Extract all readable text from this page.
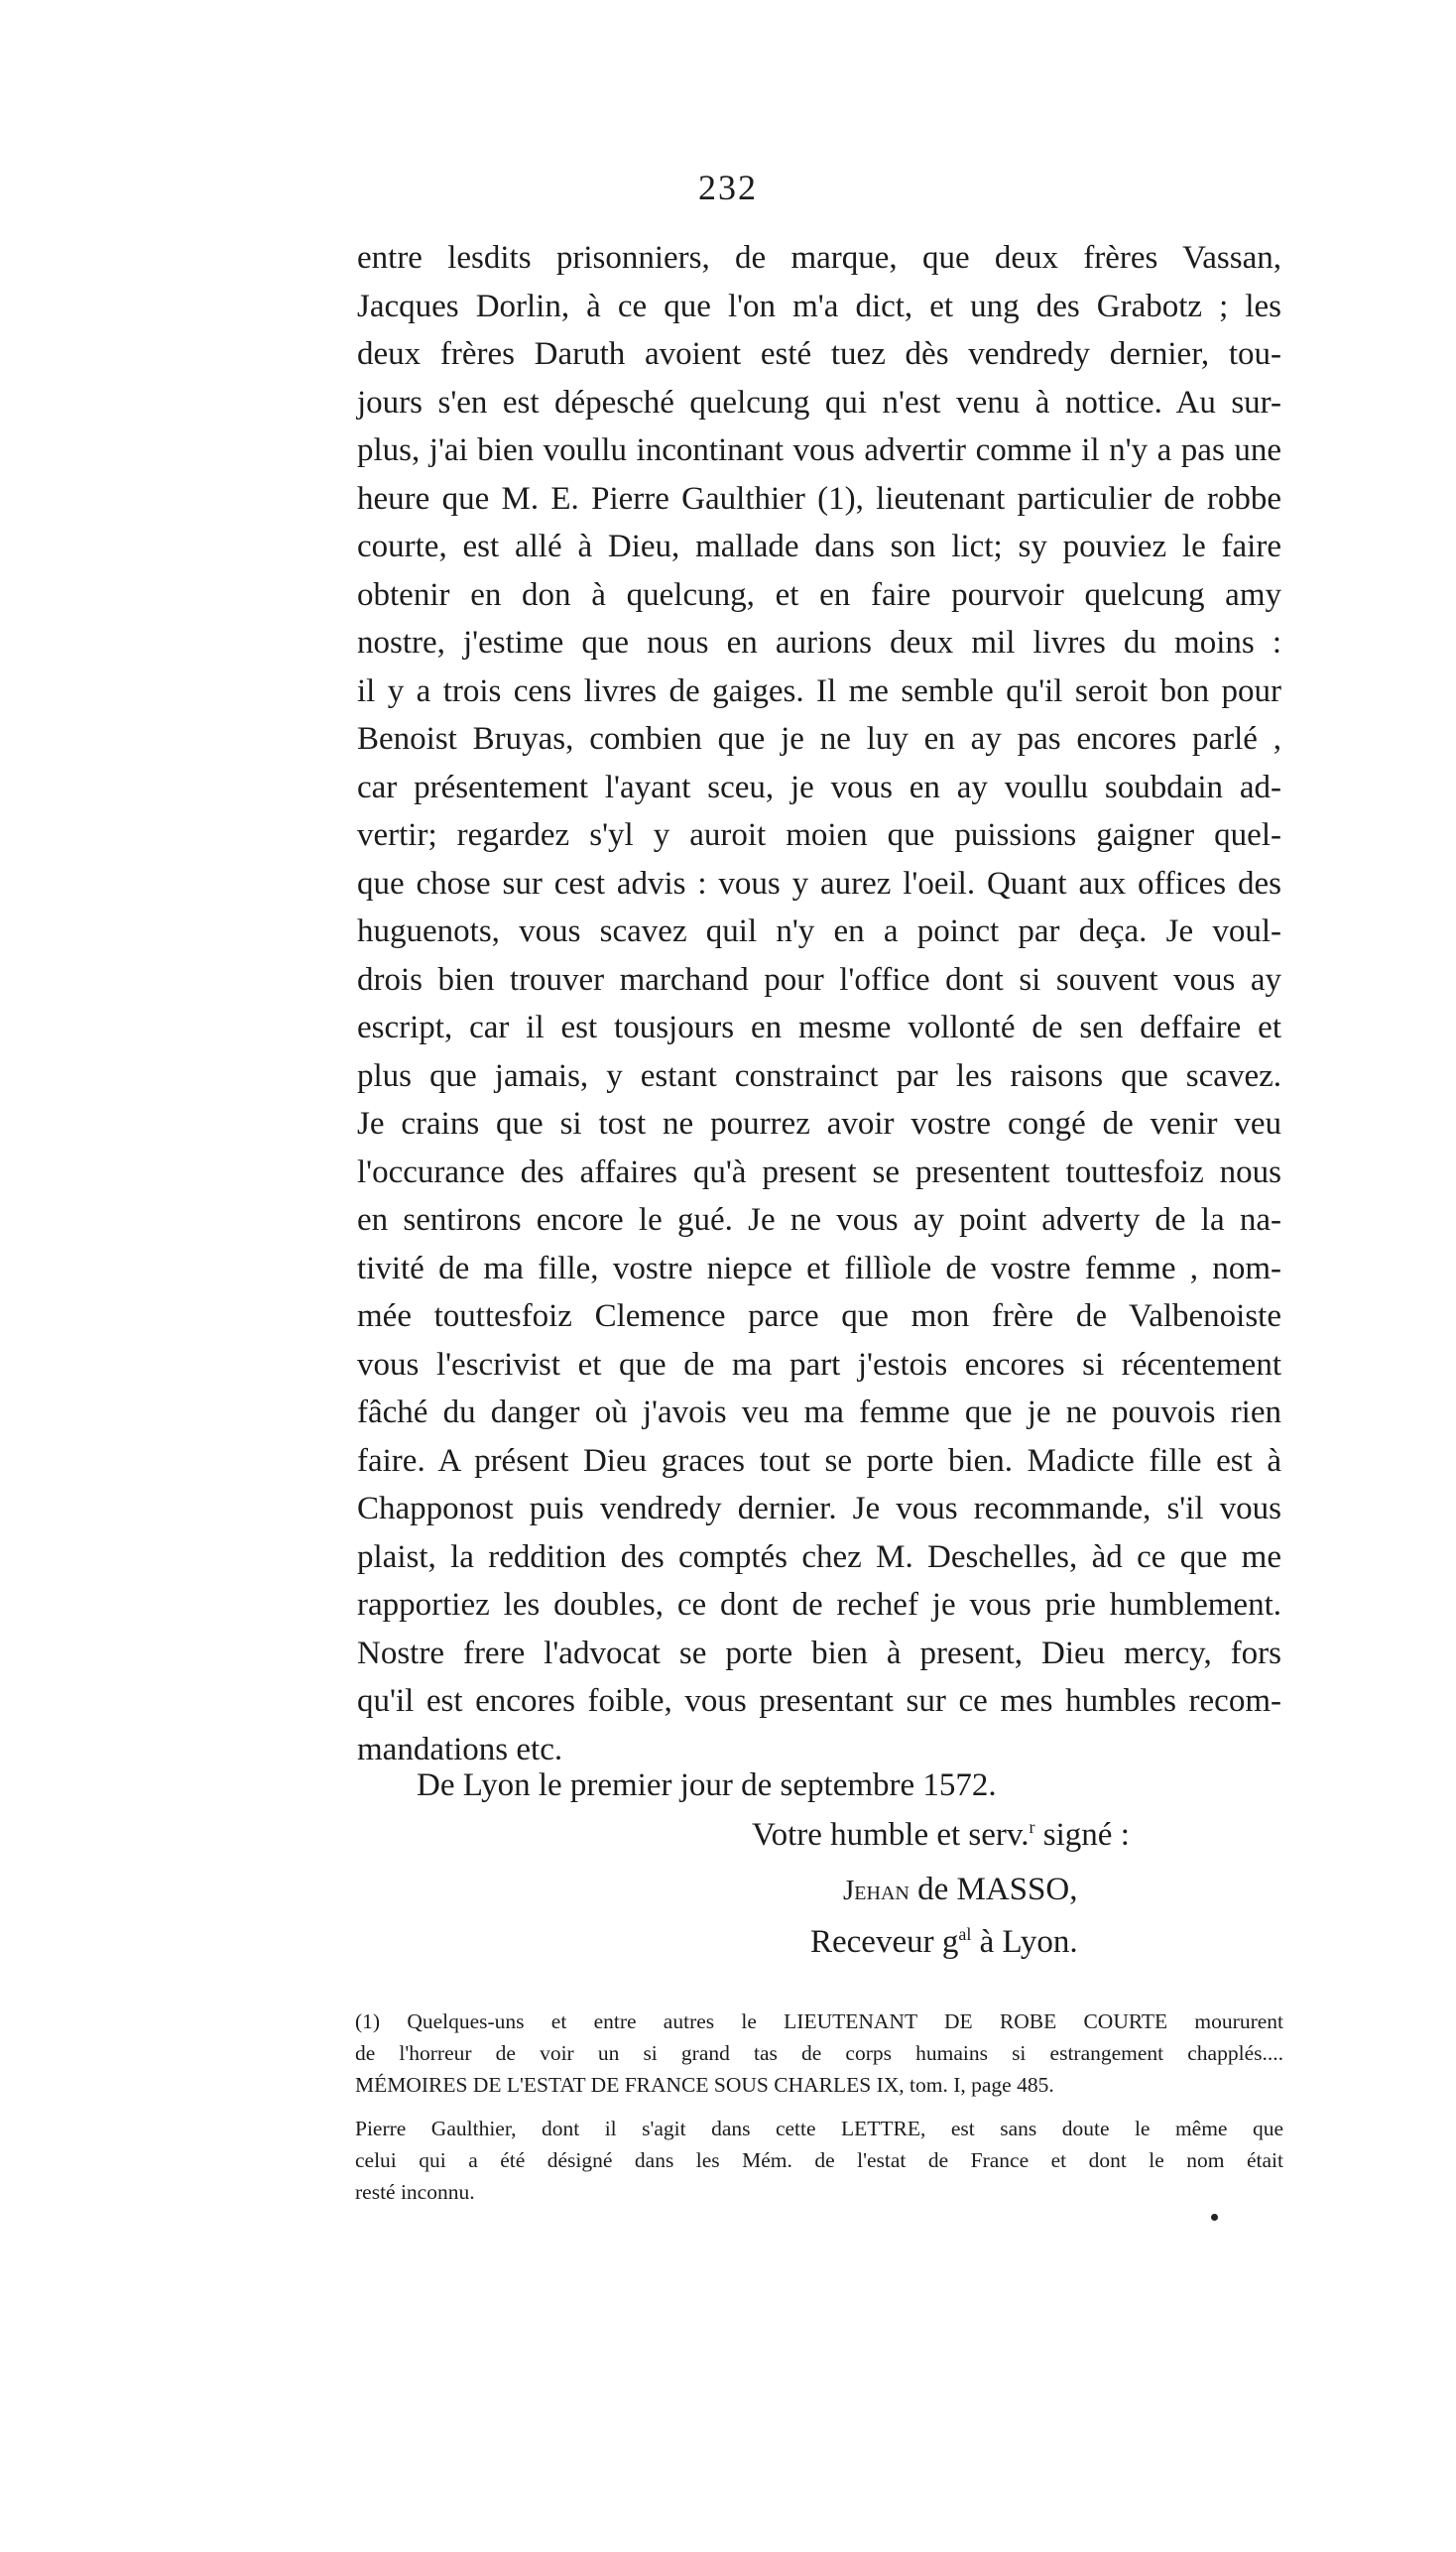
232
entre lesdits prisonniers, de marque, que deux frères Vassan,
Jacques Dorlin, à ce que l'on m'a dict, et ung des Grabotz ; les
deux frères Daruth avoient esté tuez dès vendredy dernier, tou-
jours s'en est dépesché quelcung qui n'est venu à nottice. Au sur-
plus, j'ai bien voullu incontinant vous advertir comme il n'y a pas une
heure que M. E. Pierre Gaulthier (1), lieutenant particulier de robbe
courte, est allé à Dieu, mallade dans son lict; sy pouviez le faire
obtenir en don à quelcung, et en faire pourvoir quelcung amy
nostre, j'estime que nous en aurions deux mil livres du moins :
il y a trois cens livres de gaiges. Il me semble qu'il seroit bon pour
Benoist Bruyas, combien que je ne luy en ay pas encores parlé ,
car présentement l'ayant sceu, je vous en ay voullu soubdain ad-
vertir; regardez s'yl y auroit moien que puissions gaigner quel-
que chose sur cest advis : vous y aurez l'oeil. Quant aux offices des
huguenots, vous scavez quil n'y en a poinct par deça. Je voul-
drois bien trouver marchand pour l'office dont si souvent vous ay
escript, car il est tousjours en mesme vollonté de sen deffaire et
plus que jamais, y estant constrainct par les raisons que scavez.
Je crains que si tost ne pourrez avoir vostre congé de venir veu
l'occurance des affaires qu'à present se presentent touttesfoiz nous
en sentirons encore le gué. Je ne vous ay point adverty de la na-
tivité de ma fille, vostre niepce et fillìole de vostre femme , nom-
mée touttesfoiz Clemence parce que mon frère de Valbenoiste
vous l'escrivist et que de ma part j'estois encores si récentement
fâché du danger où j'avois veu ma femme que je ne pouvois rien
faire. A présent Dieu graces tout se porte bien. Madicte fille est à
Chapponost puis vendredy dernier. Je vous recommande, s'il vous
plaist, la reddition des comptés chez M. Deschelles, àd ce que me
rapportiez les doubles, ce dont de rechef je vous prie humblement.
Nostre frere l'advocat se porte bien à present, Dieu mercy, fors
qu'il est encores foible, vous presentant sur ce mes humbles recom-
mandations etc.
De Lyon le premier jour de septembre 1572.
Votre humble et serv.$^r$ signé :
Jehan de MASSO,
Receveur $g^{al}$ à Lyon.
(1) Quelques-uns et entre autres le LIEUTENANT DE ROBE COURTE moururent
de l'horreur de voir un si grand tas de corps humains si estrangement chapplés....
MÉMOIRES DE L'ESTAT DE FRANCE SOUS CHARLES IX, tom. I, page 485.
Pierre Gaulthier, dont il s'agit dans cette LETTRE, est sans doute le même que
celui qui a été désigné dans les Mém. de l'estat de France et dont le nom était
resté inconnu.
